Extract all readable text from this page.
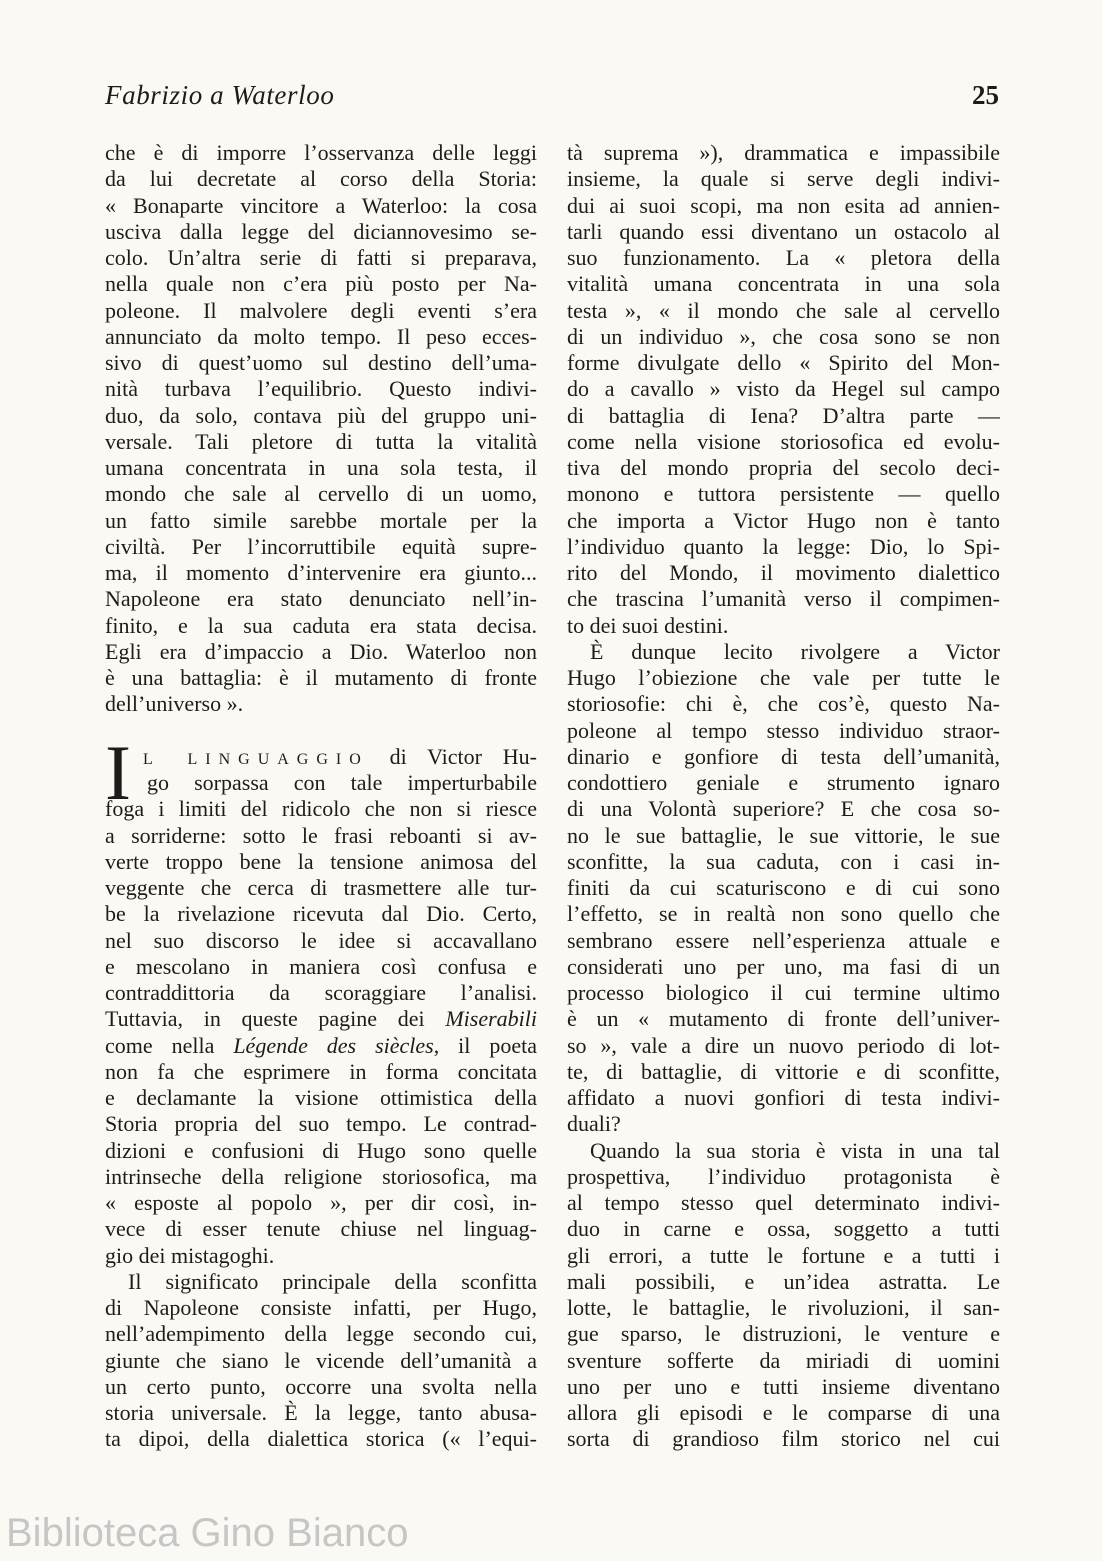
Fabrizio a Waterloo	25
che è di imporre l’osservanza delle leggi
da lui decretate al corso della Storia:
« Bonaparte vincitore a Waterloo: la cosa
usciva dalla legge del diciannovesimo se-
colo. Un’altra serie di fatti si preparava,
nella quale non c’era più posto per Na-
poleone. Il malvolere degli eventi s’era
annunciato da molto tempo. Il peso ecces-
sivo di quest’uomo sul destino dell’uma-
nità turbava l’equilibrio. Questo indivi-
duo, da solo, contava più del gruppo uni-
versale. Tali pletore di tutta la vitalità
umana concentrata in una sola testa, il
mondo che sale al cervello di un uomo,
un fatto simile sarebbe mortale per la
civiltà. Per l’incorruttibile equità supre-
ma, il momento d’intervenire era giunto...
Napoleone era stato denunciato nell’in-
finito, e la sua caduta era stata decisa.
Egli era d’impaccio a Dio. Waterloo non
è una battaglia: è il mutamento di fronte
dell’universo ».
I L LINGUAGGIO di Victor Hu-
go sorpassa con tale imperturbabile
foga i limiti del ridicolo che non si riesce
a sorriderne: sotto le frasi reboanti si av-
verte troppo bene la tensione animosa del
veggente che cerca di trasmettere alle tur-
be la rivelazione ricevuta dal Dio. Certo,
nel suo discorso le idee si accavallano
e mescolano in maniera così confusa e
contraddittoria da scoraggiare l’analisi.
Tuttavia, in queste pagine dei Miserabili
come nella Légende des siècles, il poeta
non fa che esprimere in forma concitata
e declamante la visione ottimistica della
Storia propria del suo tempo. Le contrad-
dizioni e confusioni di Hugo sono quelle
intrinseche della religione storiosofica, ma
« esposte al popolo », per dir così, in-
vece di esser tenute chiuse nel linguag-
gio dei mistagoghi.
Il significato principale della sconfitta
di Napoleone consiste infatti, per Hugo,
nell’adempimento della legge secondo cui,
giunte che siano le vicende dell’umanità a
un certo punto, occorre una svolta nella
storia universale. È la legge, tanto abusa-
ta dipoi, della dialettica storica (« l’equi-
tà suprema »), drammatica e impassibile
insieme, la quale si serve degli indivi-
dui ai suoi scopi, ma non esita ad annien-
tarli quando essi diventano un ostacolo al
suo funzionamento. La « pletora della
vitalità umana concentrata in una sola
testa », « il mondo che sale al cervello
di un individuo », che cosa sono se non
forme divulgate dello « Spirito del Mon-
do a cavallo » visto da Hegel sul campo
di battaglia di Iena? D’altra parte —
come nella visione storiosofica ed evolu-
tiva del mondo propria del secolo deci-
monono e tuttora persistente — quello
che importa a Victor Hugo non è tanto
l’individuo quanto la legge: Dio, lo Spi-
rito del Mondo, il movimento dialettico
che trascina l’umanità verso il compimen-
to dei suoi destini.
È dunque lecito rivolgere a Victor
Hugo l’obiezione che vale per tutte le
storiosofie: chi è, che cos’è, questo Na-
poleone al tempo stesso individuo straor-
dinario e gonfiore di testa dell’umanità,
condottiero geniale e strumento ignaro
di una Volontà superiore? E che cosa so-
no le sue battaglie, le sue vittorie, le sue
sconfitte, la sua caduta, con i casi in-
finiti da cui scaturiscono e di cui sono
l’effetto, se in realtà non sono quello che
sembrano essere nell’esperienza attuale e
considerati uno per uno, ma fasi di un
processo biologico il cui termine ultimo
è un « mutamento di fronte dell’univer-
so », vale a dire un nuovo periodo di lot-
te, di battaglie, di vittorie e di sconfitte,
affidato a nuovi gonfiori di testa indivi-
duali?
Quando la sua storia è vista in una tal
prospettiva, l’individuo protagonista è
al tempo stesso quel determinato indivi-
duo in carne e ossa, soggetto a tutti
gli errori, a tutte le fortune e a tutti i
mali possibili, e un’idea astratta. Le
lotte, le battaglie, le rivoluzioni, il san-
gue sparso, le distruzioni, le venture e
sventure sofferte da miriadi di uomini
uno per uno e tutti insieme diventano
allora gli episodi e le comparse di una
sorta di grandioso film storico nel cui
Biblioteca Gino Bianco
